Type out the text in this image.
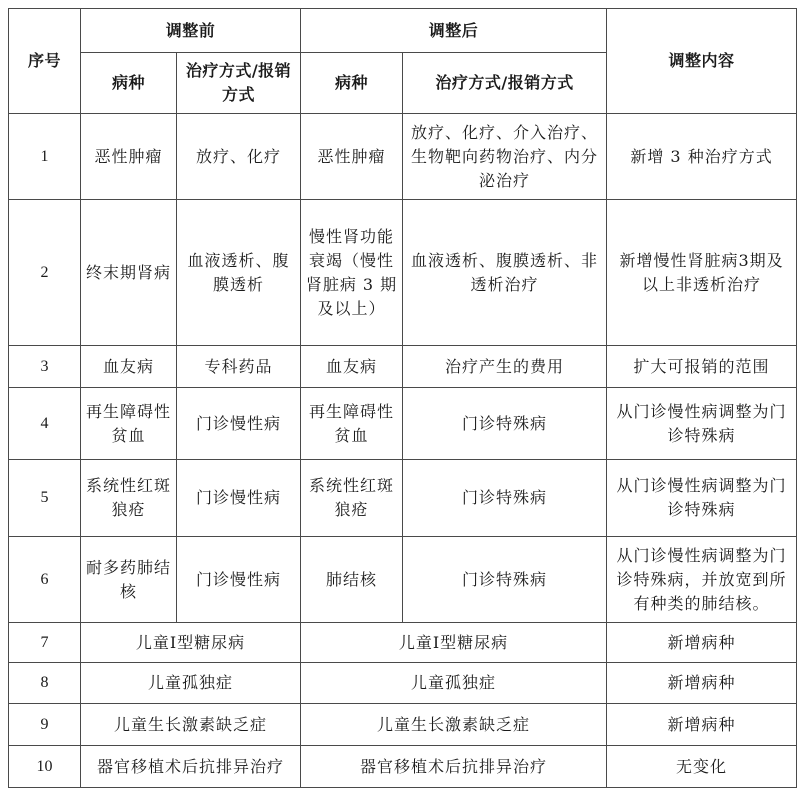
序号	调整前		调整后		调整内容
	病种	治疗方式/报销方式	病种	治疗方式/报销方式	
1	恶性肿瘤	放疗、化疗	恶性肿瘤	放疗、化疗、介入治疗、生物靶向药物治疗、内分泌治疗	新增 3 种治疗方式
2	终末期肾病	血液透析、腹膜透析	慢性肾功能衰竭（慢性肾脏病 3 期及以上）	血液透析、腹膜透析、非透析治疗	新增慢性肾脏病3期及以上非透析治疗
3	血友病	专科药品	血友病	治疗产生的费用	扩大可报销的范围
4	再生障碍性贫血	门诊慢性病	再生障碍性贫血	门诊特殊病	从门诊慢性病调整为门诊特殊病
5	系统性红斑狼疮	门诊慢性病	系统性红斑狼疮	门诊特殊病	从门诊慢性病调整为门诊特殊病
6	耐多药肺结核	门诊慢性病	肺结核	门诊特殊病	从门诊慢性病调整为门诊特殊病，并放宽到所有种类的肺结核。
7	儿童I型糖尿病		儿童I型糖尿病		新增病种
8	儿童孤独症		儿童孤独症		新增病种
9	儿童生长激素缺乏症		儿童生长激素缺乏症		新增病种
10	器官移植术后抗排异治疗		器官移植术后抗排异治疗		无变化
